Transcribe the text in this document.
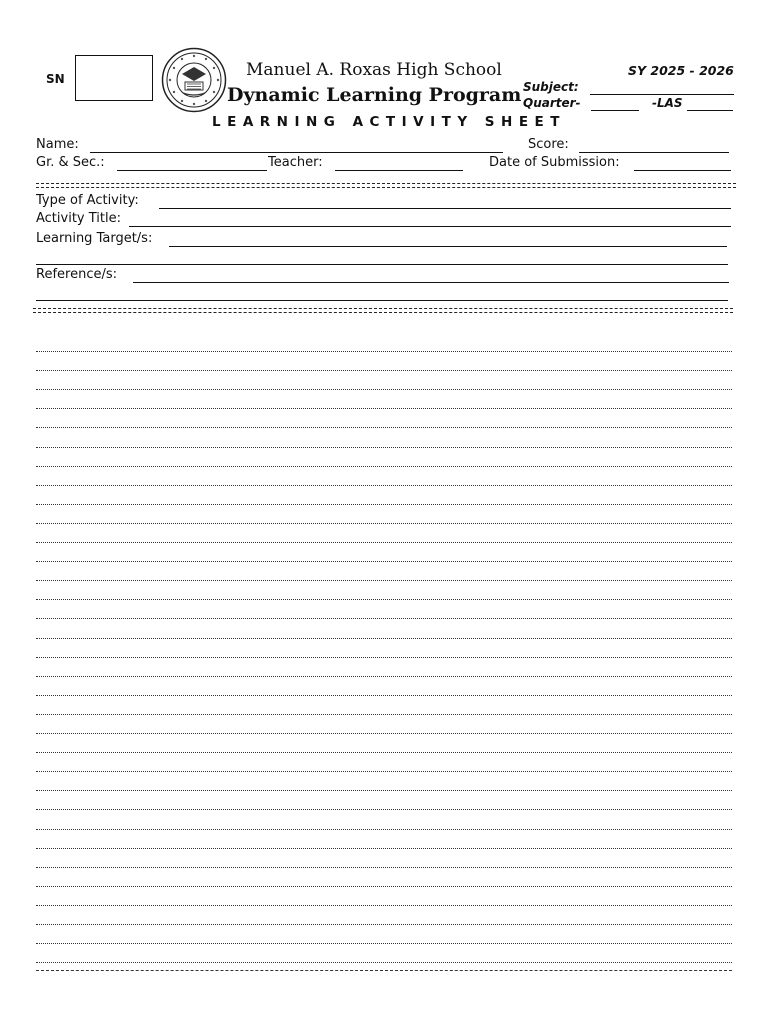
SN	Manuel A. Roxas High School
Dynamic Learning Program
SY 2025 - 2026
Subject:
Quarter-	-LAS
LEARNING ACTIVITY SHEET
Name:	Score:
Gr. & Sec.:	Teacher:	Date of Submission:
Type of Activity:
Activity Title:
Learning Target/s:
Reference/s:
